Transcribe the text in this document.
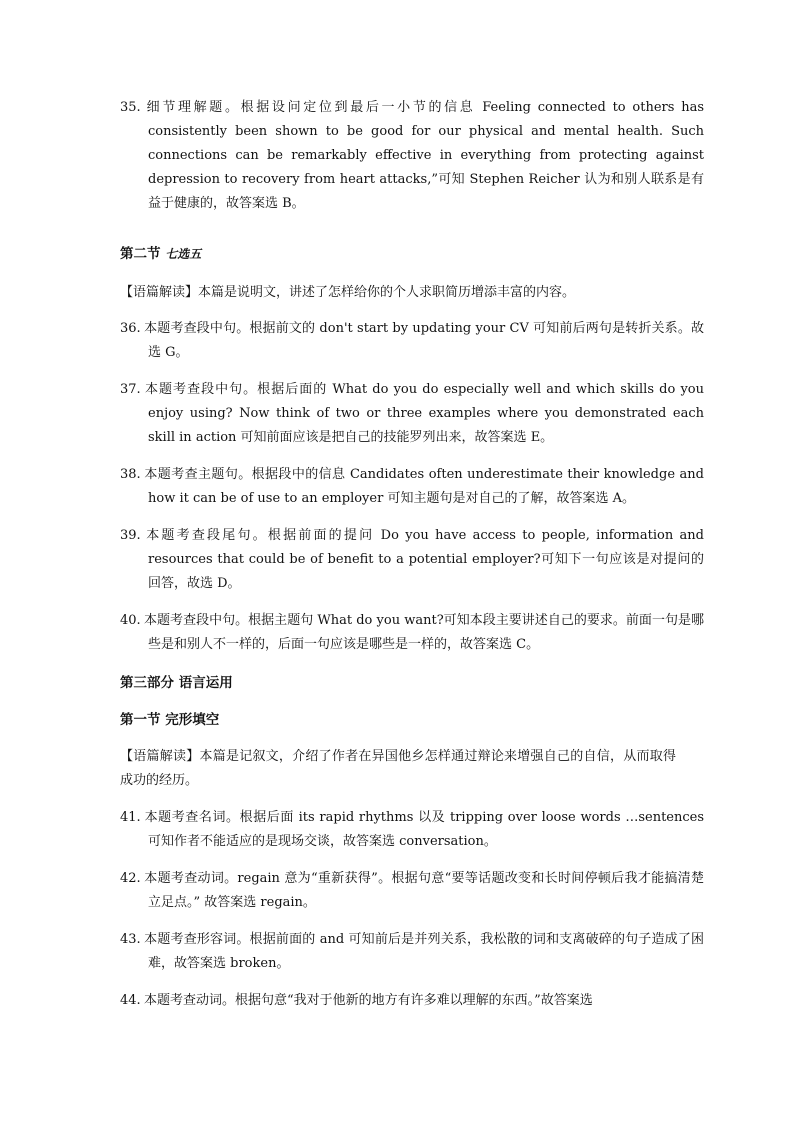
35. 细节理解题。根据设问定位到最后一小节的信息 Feeling connected to others has consistently been shown to be good for our physical and mental health. Such connections can be remarkably effective in everything from protecting against depression to recovery from heart attacks,”可知 Stephen Reicher 认为和别人联系是有益于健康的，故答案选 B。
第二节 七选五
【语篇解读】本篇是说明文，讲述了怎样给你的个人求职简历增添丰富的内容。
36. 本题考查段中句。根据前文的 don't start by updating your CV 可知前后两句是转折关系。故选 G。
37. 本题考查段中句。根据后面的 What do you do especially well and which skills do you enjoy using? Now think of two or three examples where you demonstrated each skill in action 可知前面应该是把自己的技能罗列出来，故答案选 E。
38. 本题考查主题句。根据段中的信息 Candidates often underestimate their knowledge and how it can be of use to an employer 可知主题句是对自己的了解，故答案选 A。
39. 本题考查段尾句。根据前面的提问 Do you have access to people, information and resources that could be of benefit to a potential employer?可知下一句应该是对提问的回答，故选 D。
40. 本题考查段中句。根据主题句 What do you want?可知本段主要讲述自己的要求。前面一句是哪些是和别人不一样的，后面一句应该是哪些是一样的，故答案选 C。
第三部分 语言运用
第一节 完形填空
【语篇解读】本篇是记叙文，介绍了作者在异国他乡怎样通过辩论来增强自己的自信，从而取得成功的经历。
41. 本题考查名词。根据后面 its rapid rhythms 以及 tripping over loose words …sentences 可知作者不能适应的是现场交谈，故答案选 conversation。
42. 本题考查动词。regain 意为“重新获得”。根据句意“要等话题改变和长时间停顿后我才能搞清楚立足点。” 故答案选 regain。
43. 本题考查形容词。根据前面的 and 可知前后是并列关系，我松散的词和支离破碎的句子造成了困难，故答案选 broken。
44. 本题考查动词。根据句意“我对于他新的地方有许多难以理解的东西。”故答案选
